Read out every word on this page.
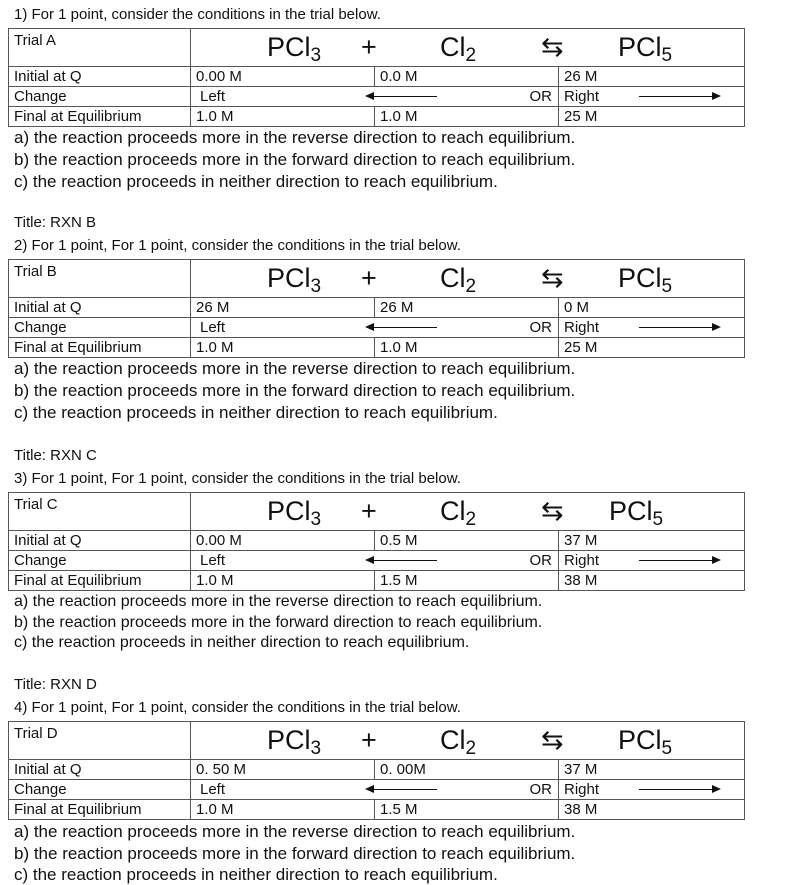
1) For 1 point, consider the conditions in the trial below.
Trial A	$PCl_3 + Cl_2$ ⇆ PCl$_5$

Initial at Q	0.00 M	0.0 M	26 M
Change	Left OR		Right

Final at Equilibrium	1.0 M	1.0 M	25 M
a) the reaction proceeds more in the reverse direction to reach equilibrium.
b) the reaction proceeds more in the forward direction to reach equilibrium.
c) the reaction proceeds in neither direction to reach equilibrium.
Title: RXN B
2) For 1 point, For 1 point, consider the conditions in the trial below.
Trial B	$PCl_3 + Cl_2$ ⇆ PCl$_5$

Initial at Q	26 M	26 M	0 M
Change	Left OR		Right

Final at Equilibrium	1.0 M	1.0 M	25 M
a) the reaction proceeds more in the reverse direction to reach equilibrium.
b) the reaction proceeds more in the forward direction to reach equilibrium.
c) the reaction proceeds in neither direction to reach equilibrium.
Title: RXN C
3) For 1 point, For 1 point, consider the conditions in the trial below.
Trial C	$PCl_3 + Cl_2$ ⇆ PCl$_5$

Initial at Q	0.00 M	0.5 M	37 M
Change	Left OR		Right

Final at Equilibrium	1.0 M	1.5 M	38 M
a) the reaction proceeds more in the reverse direction to reach equilibrium.
b) the reaction proceeds more in the forward direction to reach equilibrium.
c) the reaction proceeds in neither direction to reach equilibrium.
Title: RXN D
4) For 1 point, For 1 point, consider the conditions in the trial below.
Trial D	$PCl_3 + Cl_2$ ⇆ PCl$_5$

Initial at Q	0. 50 M	0. 00M	37 M
Change	Left OR		Right

Final at Equilibrium	1.0 M	1.5 M	38 M
a) the reaction proceeds more in the reverse direction to reach equilibrium.
b) the reaction proceeds more in the forward direction to reach equilibrium.
c) the reaction proceeds in neither direction to reach equilibrium.
